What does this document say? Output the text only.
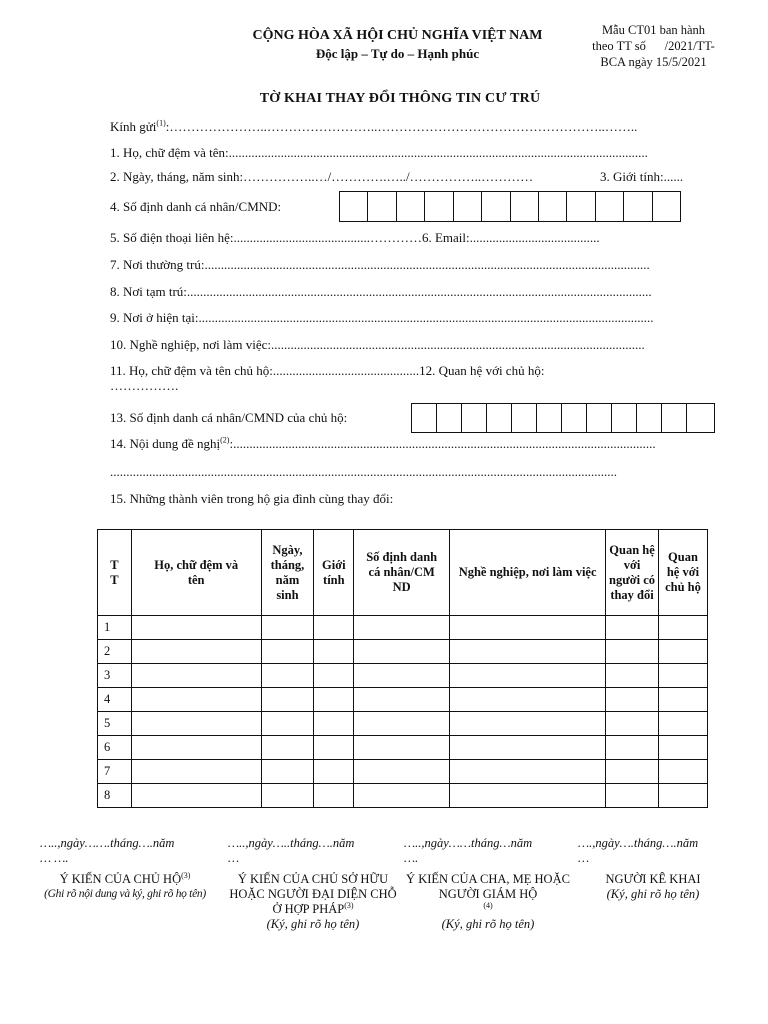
CỘNG HÒA XÃ HỘI CHỦ NGHĨA VIỆT NAM
Độc lập – Tự do – Hạnh phúc
Mẫu CT01 ban hành
theo TT số      /2021/TT-
BCA ngày 15/5/2021
TỜ KHAI THAY ĐỔI THÔNG TIN CƯ TRÚ
Kính gửi$^{(1)}$:…………………..……………………..……………………………………………..……..
1. Họ, chữ đệm và tên:.................................................................................................................................
2. Ngày, tháng, năm sinh:……………..…/………….…../……………..…………	3. Giới tính:......
4. Số định danh cá nhân/CMND:
5. Số điện thoại liên hệ:..........................................…………6. Email:........................................
7. Nơi thường trú:.........................................................................................................................................
8. Nơi tạm trú:...............................................................................................................................................
9. Nơi ở hiện tại:............................................................................................................................................
10. Nghề nghiệp, nơi làm việc:...................................................................................................................
11. Họ, chữ đệm và tên chủ hộ:.............................................12. Quan hệ với chủ hộ:
…………….
13. Số định danh cá nhân/CMND của chủ hộ:
14. Nội dung đề nghị$^{(2)}$:..................................................................................................................................
............................................................................................................................................................
15. Những thành viên trong hộ gia đình cùng thay đổi:
TT	Họ, chữ đệm và tên	Ngày, tháng, năm sinh	Giới tính	Số định danh cá nhân/CMND	Nghề nghiệp, nơi làm việc	Quan hệ với người có thay đổi	Quan hệ với chủ hộ
1							
2							
3							
4							
5							
6							
7							
8							
…..,ngày…….tháng….năm
… ….
Ý KIẾN CỦA CHỦ HỘ$^{(3)}$
(Ghi rõ nội dung và ký, ghi rõ họ tên)
…..,ngày…..tháng….năm
…
Ý KIẾN CỦA CHỦ SỞ HỮU HOẶC NGƯỜI ĐẠI DIỆN CHỖ Ở HỢP PHÁP$^{(3)}$
(Ký, ghi rõ họ tên)
…..,ngày……tháng…năm
….
Ý KIẾN CỦA CHA, MẸ HOẶC NGƯỜI GIÁM HỘ
$^{(4)}$
(Ký, ghi rõ họ tên)
….,ngày….tháng….năm
…
NGƯỜI KÊ KHAI
(Ký, ghi rõ họ tên)
